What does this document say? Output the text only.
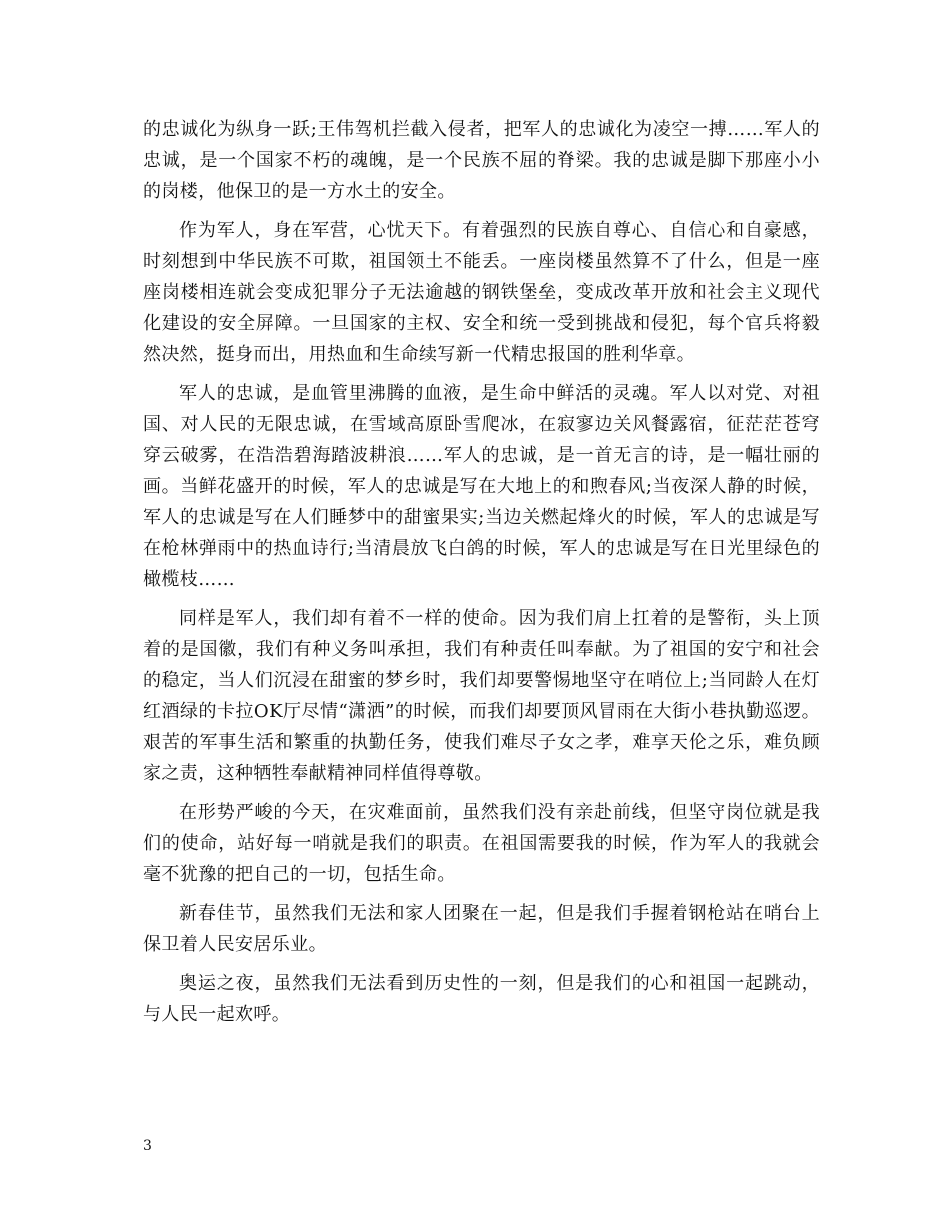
的忠诚化为纵身一跃;王伟驾机拦截入侵者，把军人的忠诚化为凌空一搏……军人的忠诚，是一个国家不朽的魂魄，是一个民族不屈的脊梁。我的忠诚是脚下那座小小的岗楼，他保卫的是一方水土的安全。

作为军人，身在军营，心忧天下。有着强烈的民族自尊心、自信心和自豪感，时刻想到中华民族不可欺，祖国领土不能丢。一座岗楼虽然算不了什么，但是一座座岗楼相连就会变成犯罪分子无法逾越的钢铁堡垒，变成改革开放和社会主义现代化建设的安全屏障。一旦国家的主权、安全和统一受到挑战和侵犯，每个官兵将毅然决然，挺身而出，用热血和生命续写新一代精忠报国的胜利华章。

军人的忠诚，是血管里沸腾的血液，是生命中鲜活的灵魂。军人以对党、对祖国、对人民的无限忠诚，在雪域高原卧雪爬冰，在寂寥边关风餐露宿，征茫茫苍穹穿云破雾，在浩浩碧海踏波耕浪……军人的忠诚，是一首无言的诗，是一幅壮丽的画。当鲜花盛开的时候，军人的忠诚是写在大地上的和煦春风;当夜深人静的时候，军人的忠诚是写在人们睡梦中的甜蜜果实;当边关燃起烽火的时候，军人的忠诚是写在枪林弹雨中的热血诗行;当清晨放飞白鸽的时候，军人的忠诚是写在日光里绿色的橄榄枝……

同样是军人，我们却有着不一样的使命。因为我们肩上扛着的是警衔，头上顶着的是国徽，我们有种义务叫承担，我们有种责任叫奉献。为了祖国的安宁和社会的稳定，当人们沉浸在甜蜜的梦乡时，我们却要警惕地坚守在哨位上;当同龄人在灯红酒绿的卡拉OK厅尽情“潇洒”的时候，而我们却要顶风冒雨在大街小巷执勤巡逻。艰苦的军事生活和繁重的执勤任务，使我们难尽子女之孝，难享天伦之乐，难负顾家之责，这种牺牲奉献精神同样值得尊敬。

在形势严峻的今天，在灾难面前，虽然我们没有亲赴前线，但坚守岗位就是我们的使命，站好每一哨就是我们的职责。在祖国需要我的时候，作为军人的我就会毫不犹豫的把自己的一切，包括生命。

新春佳节，虽然我们无法和家人团聚在一起，但是我们手握着钢枪站在哨台上保卫着人民安居乐业。

奥运之夜，虽然我们无法看到历史性的一刻，但是我们的心和祖国一起跳动，与人民一起欢呼。

3
